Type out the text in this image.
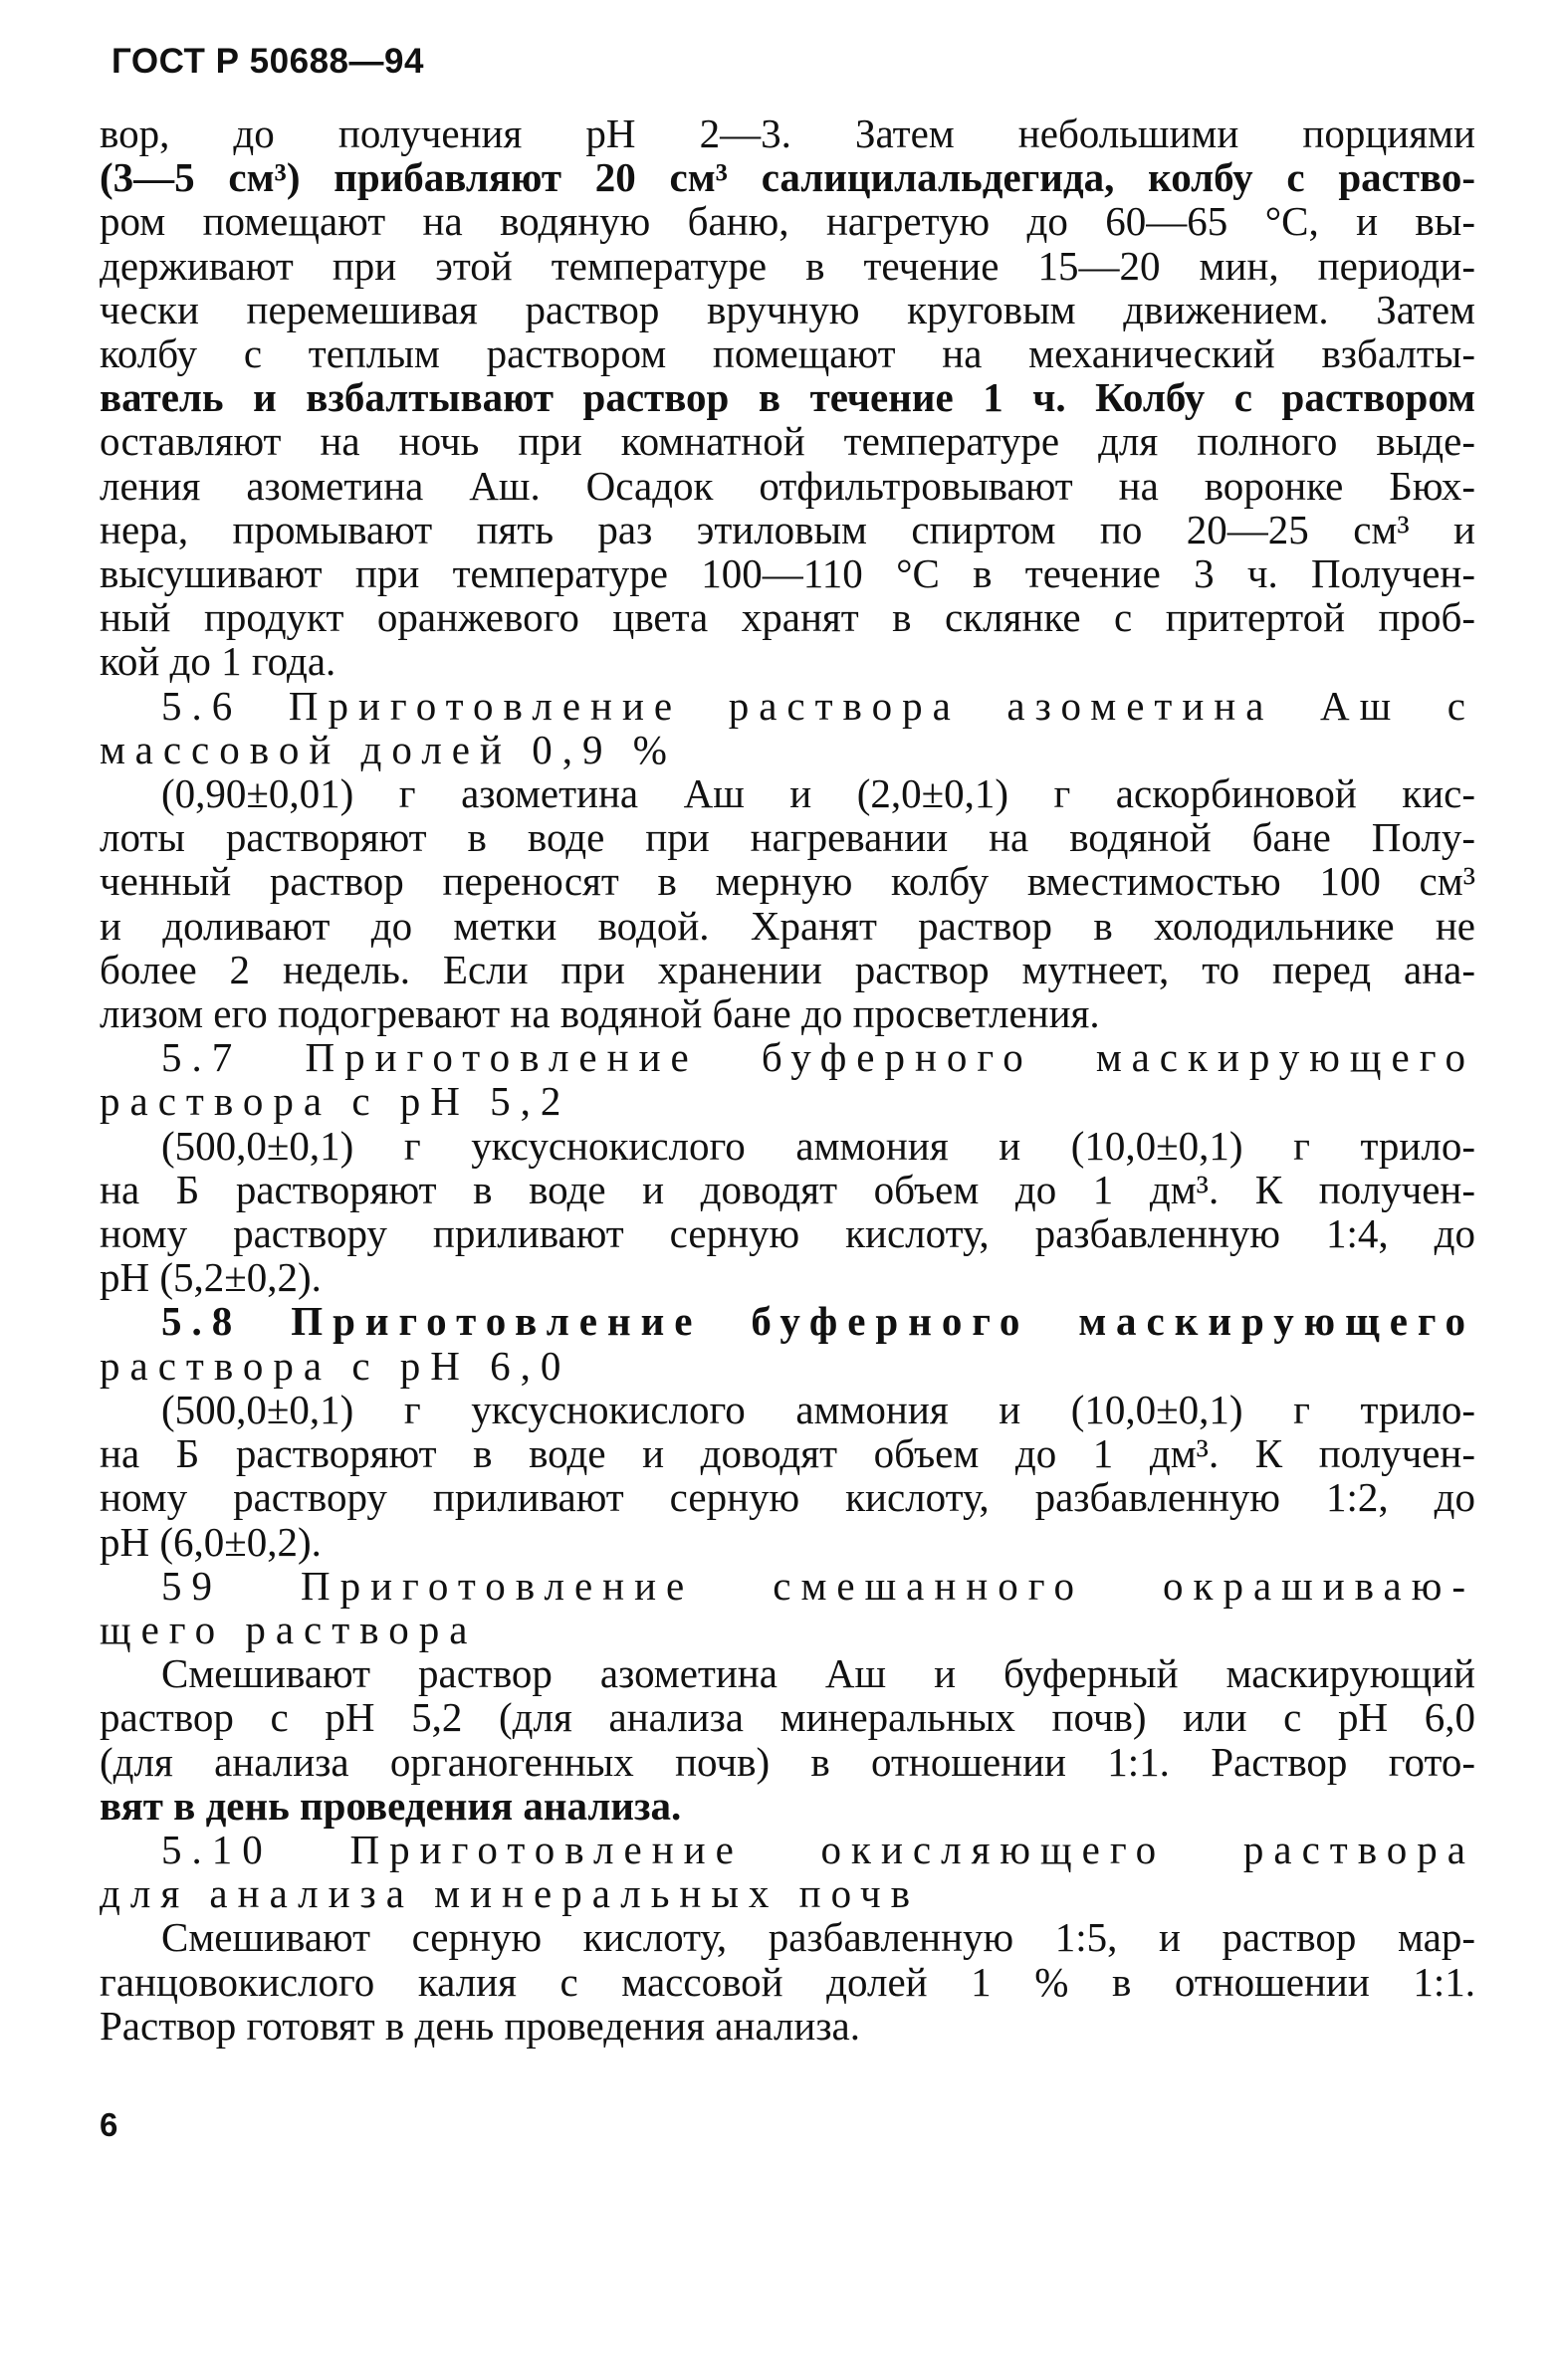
ГОСТ Р 50688—94

вор, до получения рН 2—3. Затем небольшими порциями

(3—5 см³) прибавляют 20 см³ салицилальдегида, колбу с раство-

ром помещают на водяную баню, нагретую до 60—65 °С, и вы-

держивают при этой температуре в течение 15—20 мин, периоди-

чески перемешивая раствор вручную круговым движением. Затем

колбу с теплым раствором помещают на механический взбалты-

ватель и взбалтывают раствор в течение 1 ч. Колбу с раствором

оставляют на ночь при комнатной температуре для полного выде-

ления азометина Аш. Осадок отфильтровывают на воронке Бюх-

нера, промывают пять раз этиловым спиртом по 20—25 см³ и

высушивают при температуре 100—110 °С в течение 3 ч. Получен-

ный продукт оранжевого цвета хранят в склянке с притертой проб-

кой до 1 года.

5.6 Приготовление раствора азометина Аш с

массовой долей 0,9 %

(0,90±0,01) г азометина Аш и (2,0±0,1) г аскорбиновой кис-

лоты растворяют в воде при нагревании на водяной бане Полу-

ченный раствор переносят в мерную колбу вместимостью 100 см³

и доливают до метки водой. Хранят раствор в холодильнике не

более 2 недель. Если при хранении раствор мутнеет, то перед ана-

лизом его подогревают на водяной бане до просветления.

5.7 Приготовление буферного маскирующего

раствора с рН 5,2

(500,0±0,1) г уксуснокислого аммония и (10,0±0,1) г трило-

на Б растворяют в воде и доводят объем до 1 дм³. К получен-

ному раствору приливают серную кислоту, разбавленную 1:4, до

рН (5,2±0,2).

5.8 Приготовление буферного маскирующего

раствора с рН 6,0

(500,0±0,1) г уксуснокислого аммония и (10,0±0,1) г трило-

на Б растворяют в воде и доводят объем до 1 дм³. К получен-

ному раствору приливают серную кислоту, разбавленную 1:2, до

рН (6,0±0,2).

59 Приготовление смешанного окрашиваю-

щего раствора

Смешивают раствор азометина Аш и буферный маскирующий

раствор с рН 5,2 (для анализа минеральных почв) или с рН 6,0

(для анализа органогенных почв) в отношении 1:1. Раствор гото-

вят в день проведения анализа.

5.10 Приготовление окисляющего раствора

для анализа минеральных почв

Смешивают серную кислоту, разбавленную 1:5, и раствор мар-

ганцовокислого калия с массовой долей 1 % в отношении 1:1.

Раствор готовят в день проведения анализа.

6
